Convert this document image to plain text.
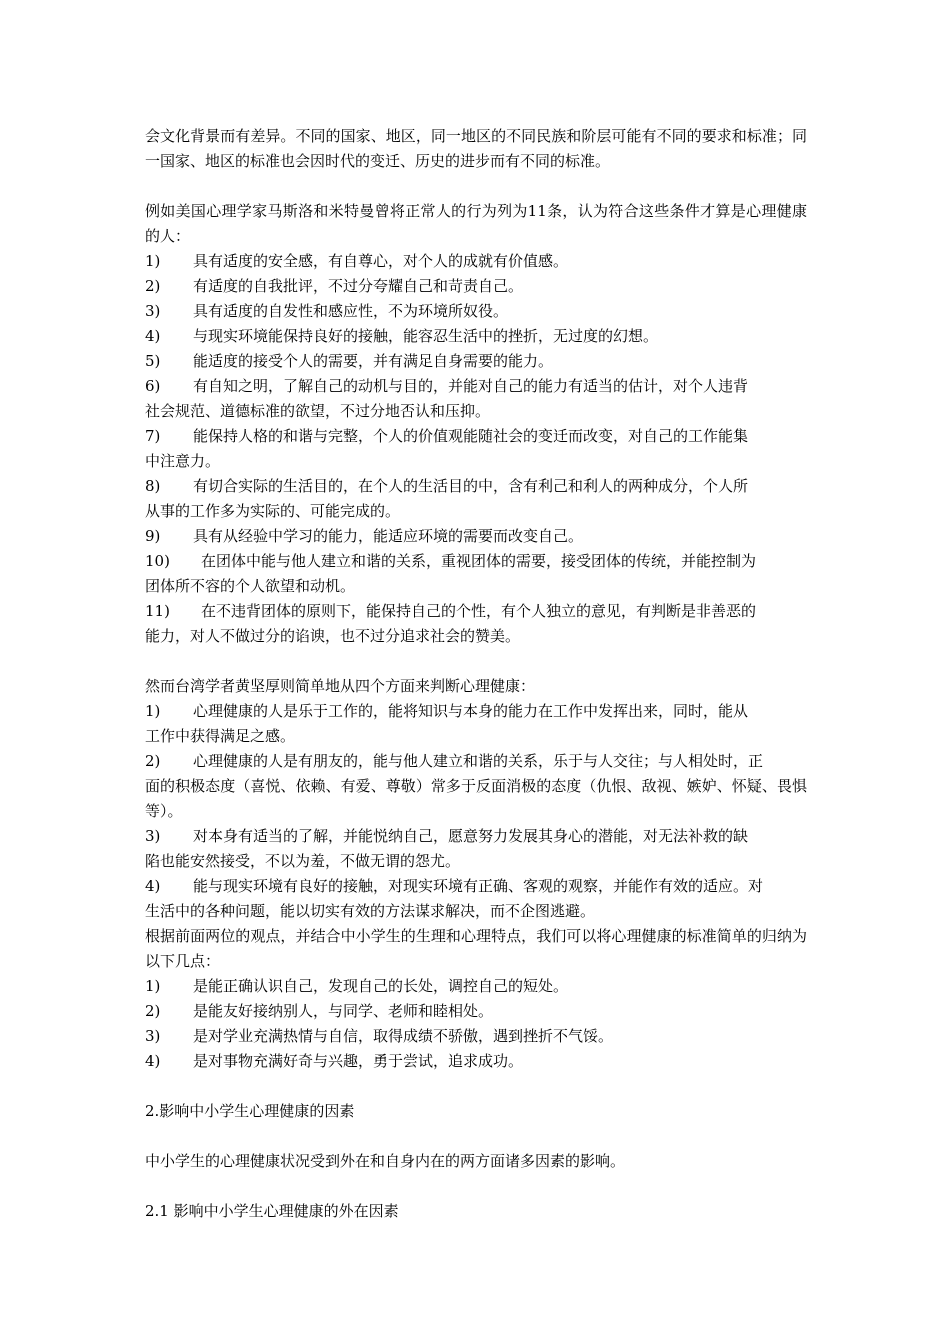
会文化背景而有差异。不同的国家、地区，同一地区的不同民族和阶层可能有不同的要求和标准；同一国家、地区的标准也会因时代的变迁、历史的进步而有不同的标准。

例如美国心理学家马斯洛和米特曼曾将正常人的行为列为11条，认为符合这些条件才算是心理健康的人：

1)	具有适度的安全感，有自尊心，对个人的成就有价值感。
2)	有适度的自我批评，不过分夸耀自己和苛责自己。
3)	具有适度的自发性和感应性，不为环境所奴役。
4)	与现实环境能保持良好的接触，能容忍生活中的挫折，无过度的幻想。
5)	能适度的接受个人的需要，并有满足自身需要的能力。
6)	有自知之明，了解自己的动机与目的，并能对自己的能力有适当的估计，对个人违背

社会规范、道德标准的欲望，不过分地否认和压抑。

7)	能保持人格的和谐与完整，个人的价值观能随社会的变迁而改变，对自己的工作能集

中注意力。

8)	有切合实际的生活目的，在个人的生活目的中，含有利己和利人的两种成分，个人所

从事的工作多为实际的、可能完成的。

9)	具有从经验中学习的能力，能适应环境的需要而改变自己。
10)	在团体中能与他人建立和谐的关系，重视团体的需要，接受团体的传统，并能控制为

团体所不容的个人欲望和动机。

11)	在不违背团体的原则下，能保持自己的个性，有个人独立的意见，有判断是非善恶的

能力，对人不做过分的谄谀，也不过分追求社会的赞美。

然而台湾学者黄坚厚则简单地从四个方面来判断心理健康：

1)	心理健康的人是乐于工作的，能将知识与本身的能力在工作中发挥出来，同时，能从

工作中获得满足之感。

2)	心理健康的人是有朋友的，能与他人建立和谐的关系，乐于与人交往；与人相处时，正

面的积极态度（喜悦、依赖、有爱、尊敬）常多于反面消极的态度（仇恨、敌视、嫉妒、怀疑、畏惧等）。

3)	对本身有适当的了解，并能悦纳自己，愿意努力发展其身心的潜能，对无法补救的缺

陷也能安然接受，不以为羞，不做无谓的怨尤。

4)	能与现实环境有良好的接触，对现实环境有正确、客观的观察，并能作有效的适应。对

生活中的各种问题，能以切实有效的方法谋求解决，而不企图逃避。

根据前面两位的观点，并结合中小学生的生理和心理特点，我们可以将心理健康的标准简单的归纳为以下几点：

1)	是能正确认识自己，发现自己的长处，调控自己的短处。
2)	是能友好接纳别人，与同学、老师和睦相处。
3)	是对学业充满热情与自信，取得成绩不骄傲，遇到挫折不气馁。
4)	是对事物充满好奇与兴趣，勇于尝试，追求成功。

2.影响中小学生心理健康的因素

中小学生的心理健康状况受到外在和自身内在的两方面诸多因素的影响。

2.1 影响中小学生心理健康的外在因素
